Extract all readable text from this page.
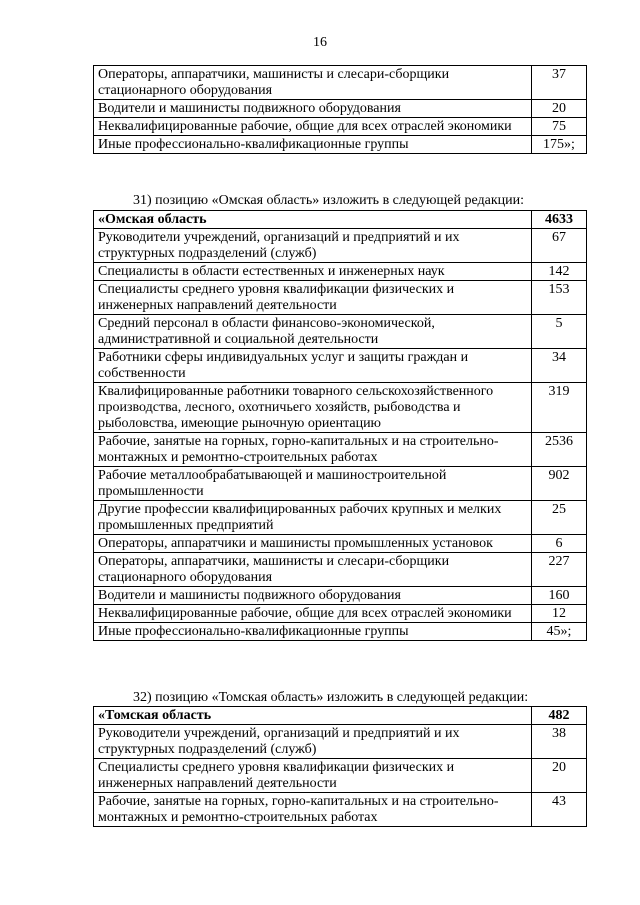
16
Операторы, аппаратчики, машинисты и слесари-сборщики стационарного оборудования	37
Водители и машинисты подвижного оборудования	20
Неквалифицированные рабочие, общие для всех отраслей экономики	75
Иные профессионально-квалификационные группы	175»;
31) позицию «Омская область» изложить в следующей редакции:
«Омская область	4633
Руководители учреждений, организаций и предприятий и их структурных подразделений (служб)	67
Специалисты в области естественных и инженерных наук	142
Специалисты среднего уровня квалификации физических и инженерных направлений деятельности	153
Средний персонал в области финансово-экономической, административной и социальной деятельности	5
Работники сферы индивидуальных услуг и защиты граждан и собственности	34
Квалифицированные работники товарного сельскохозяйственного производства, лесного, охотничьего хозяйств, рыбоводства и рыболовства, имеющие рыночную ориентацию	319
Рабочие, занятые на горных, горно-капитальных и на строительно-монтажных и ремонтно-строительных работах	2536
Рабочие металлообрабатывающей и машиностроительной промышленности	902
Другие профессии квалифицированных рабочих крупных и мелких промышленных предприятий	25
Операторы, аппаратчики и машинисты промышленных установок	6
Операторы, аппаратчики, машинисты и слесари-сборщики стационарного оборудования	227
Водители и машинисты подвижного оборудования	160
Неквалифицированные рабочие, общие для всех отраслей экономики	12
Иные профессионально-квалификационные группы	45»;
32) позицию «Томская область» изложить в следующей редакции:
«Томская область	482
Руководители учреждений, организаций и предприятий и их структурных подразделений (служб)	38
Специалисты среднего уровня квалификации физических и инженерных направлений деятельности	20
Рабочие, занятые на горных, горно-капитальных и на строительно-монтажных и ремонтно-строительных работах	43
